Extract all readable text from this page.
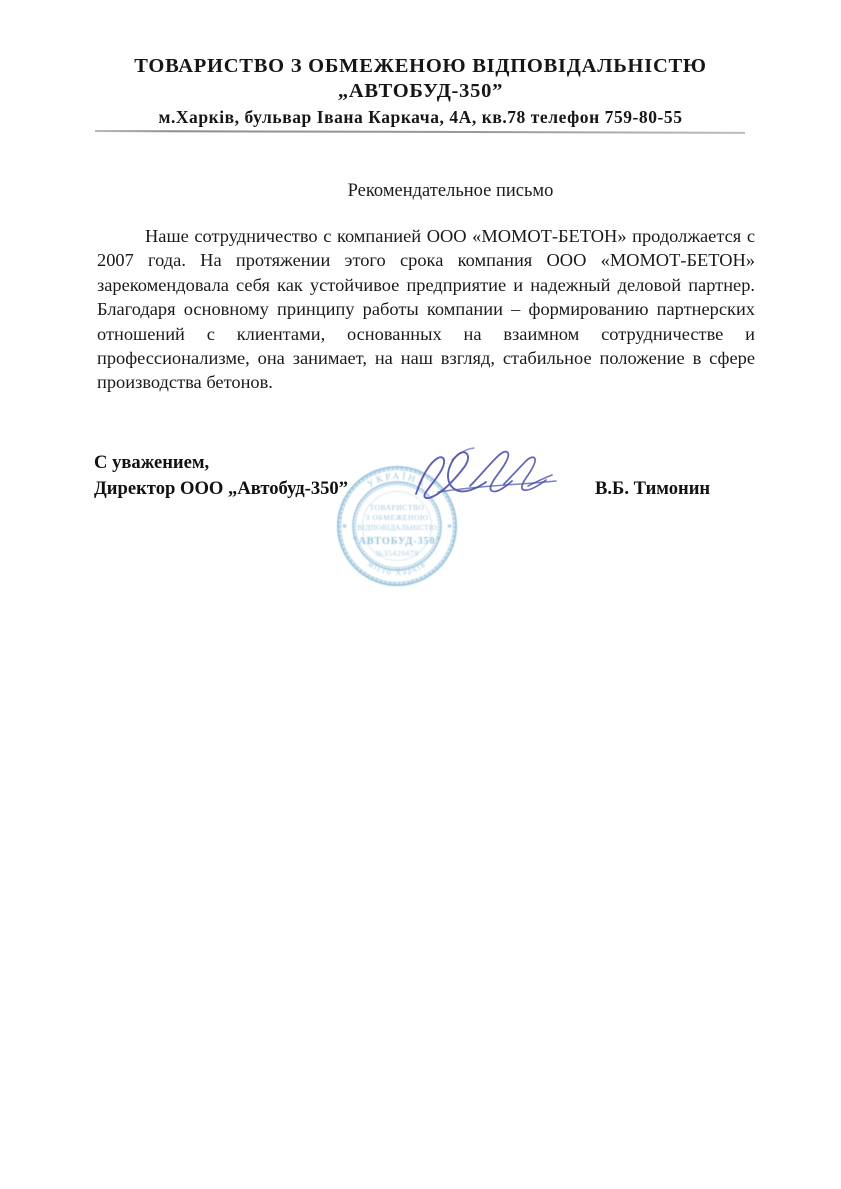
ТОВАРИСТВО З ОБМЕЖЕНОЮ ВІДПОВІДАЛЬНІСТЮ
„АВТОБУД-350”
м.Харків, бульвар Івана Каркача, 4А, кв.78 телефон 759-80-55
Рекомендательное письмо
Наше сотрудничество с компанией ООО «МОМОТ-БЕТОН» продолжается с 2007 года. На протяжении этого срока компания ООО «МОМОТ-БЕТОН» зарекомендовала себя как устойчивое предприятие и надежный деловой партнер. Благодаря основному принципу работы компании – формированию партнерских отношений с клиентами, основанных на взаимном сотрудничестве и профессионализме, она занимает, на наш взгляд, стабильное положение в сфере производства бетонов.
С уважением,
Директор ООО „Автобуд-350”	В.Б. Тимонин
УКРАЇНА
місто Харків
ТОВАРИСТВО
З ОБМЕЖЕНОЮ
ВІДПОВІДАЛЬНІСТЮ
"АВТОБУД-350"
№35429479
